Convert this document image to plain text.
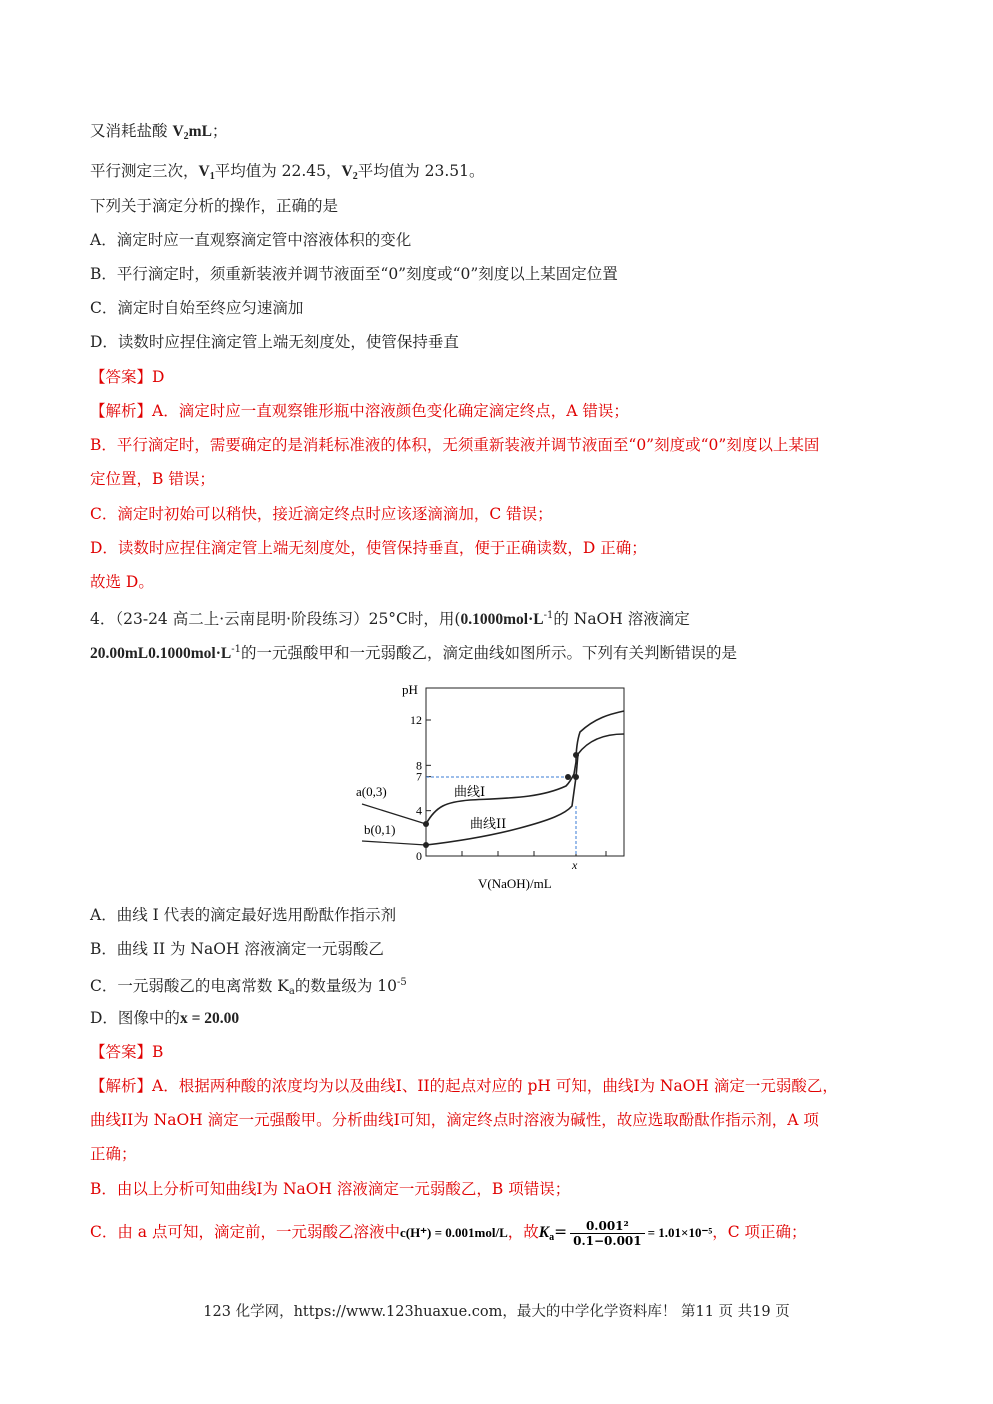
又消耗盐酸 $V_2mL$；
平行测定三次，$V_1$平均值为 22.45，$V_2$平均值为 23.51。
下列关于滴定分析的操作，正确的是
A．滴定时应一直观察滴定管中溶液体积的变化
B．平行滴定时，须重新装液并调节液面至“0”刻度或“0”刻度以上某固定位置
C．滴定时自始至终应匀速滴加
D．读数时应捏住滴定管上端无刻度处，使管保持垂直
【答案】D
【解析】A．滴定时应一直观察锥形瓶中溶液颜色变化确定滴定终点，A 错误；
B．平行滴定时，需要确定的是消耗标准液的体积，无须重新装液并调节液面至“0”刻度或“0”刻度以上某固
定位置，B 错误；
C．滴定时初始可以稍快，接近滴定终点时应该逐滴滴加，C 错误；
D．读数时应捏住滴定管上端无刻度处，使管保持垂直，便于正确读数，D 正确；
故选 D。
4．（23-24 高二上·云南昆明·阶段练习）25°C时，用($0.1000mol\cdot L^{-1}$的 NaOH 溶液滴定
$20.00mL0.1000mol\cdot L^{-1}$的一元强酸甲和一元弱酸乙，滴定曲线如图所示。下列有关判断错误的是
pH
V(NaOH)/mL
0
4
7
8
12
x
a(0,3)
b(0,1)
曲线I
曲线II
A．曲线 I 代表的滴定最好选用酚酞作指示剂
B．曲线 II 为 NaOH 溶液滴定一元弱酸乙
C．一元弱酸乙的电离常数 $K_a$的数量级为 $10^{-5}$
D．图像中的x = 20.00
【答案】B
【解析】A．根据两种酸的浓度均为以及曲线I、II的起点对应的 pH 可知，曲线I为 NaOH 滴定一元弱酸乙，
曲线II为 NaOH 滴定一元强酸甲。分析曲线I可知，滴定终点时溶液为碱性，故应选取酚酞作指示剂，A 项
正确；
B．由以上分析可知曲线I为 NaOH 溶液滴定一元弱酸乙，B 项错误；
C．由 a 点可知，滴定前，一元弱酸乙溶液中c(H⁺) = 0.001mol/L，故$K_a= \frac{\text{0.001²}}{0.1-0.001} = 1.01\times 10^{-5}$，C 项正确；
123 化学网，https://www.123huaxue.com，最大的中学化学资料库！ 第11 页 共19 页
